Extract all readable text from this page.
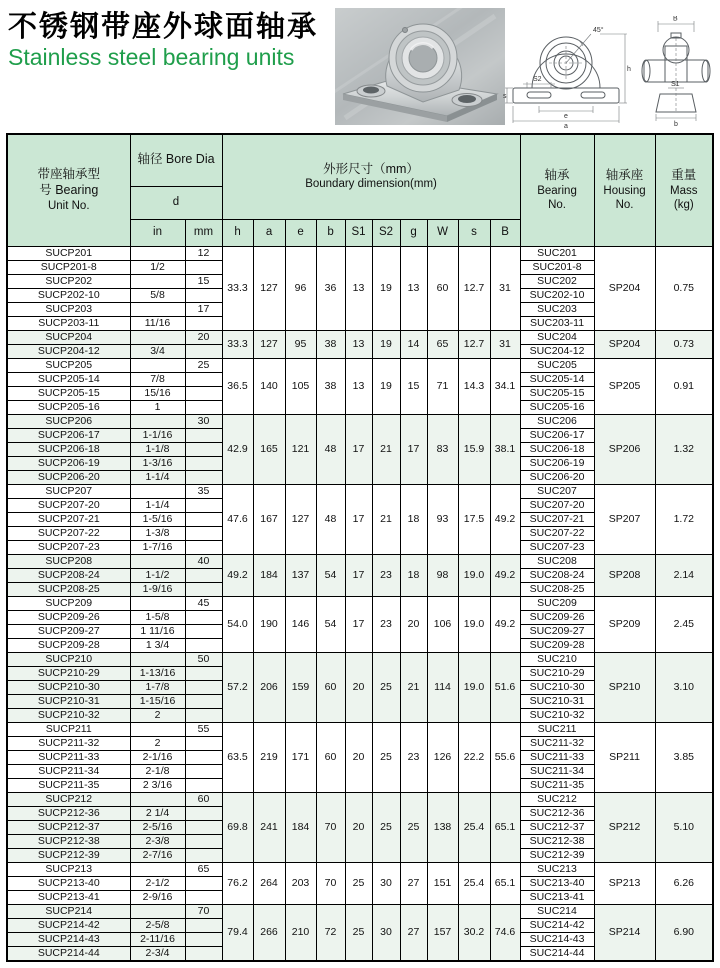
不锈钢带座外球面轴承
Stainless steel bearing units
45°
S2
s
e
a
h
B
S1
b
带座轴承型
号 Bearing
Unit No.

轴径 Bore Dia

外形尺寸（mm）
Boundary dimension(mm)

轴承
Bearing
No.

轴承座
Housing
No.

重量
Mass
(kg)

	d														

	in	mm	h	a	e	b	S1	S2	g	W	s	B			

SUCP201		12	33.3	127	96	36	13	19	13	60	12.7	31	SUC201	SP204	0.75
SUCP201-8	1/2												SUC201-8		
SUCP202		15											SUC202		
SUCP202-10	5/8												SUC202-10		
SUCP203		17											SUC203		
SUCP203-11	11/16												SUC203-11		
SUCP204		20	33.3	127	95	38	13	19	14	65	12.7	31	SUC204	SP204	0.73
SUCP204-12	3/4												SUC204-12		
SUCP205		25	36.5	140	105	38	13	19	15	71	14.3	34.1	SUC205	SP205	0.91
SUCP205-14	7/8												SUC205-14		
SUCP205-15	15/16												SUC205-15		
SUCP205-16	1												SUC205-16		
SUCP206		30	42.9	165	121	48	17	21	17	83	15.9	38.1	SUC206	SP206	1.32
SUCP206-17	1-1/16												SUC206-17		
SUCP206-18	1-1/8												SUC206-18		
SUCP206-19	1-3/16												SUC206-19		
SUCP206-20	1-1/4												SUC206-20		
SUCP207		35	47.6	167	127	48	17	21	18	93	17.5	49.2	SUC207	SP207	1.72
SUCP207-20	1-1/4												SUC207-20		
SUCP207-21	1-5/16												SUC207-21		
SUCP207-22	1-3/8												SUC207-22		
SUCP207-23	1-7/16												SUC207-23		
SUCP208		40	49.2	184	137	54	17	23	18	98	19.0	49.2	SUC208	SP208	2.14
SUCP208-24	1-1/2												SUC208-24		
SUCP208-25	1-9/16												SUC208-25		
SUCP209		45	54.0	190	146	54	17	23	20	106	19.0	49.2	SUC209	SP209	2.45
SUCP209-26	1-5/8												SUC209-26		
SUCP209-27	1 11/16												SUC209-27		
SUCP209-28	1 3/4												SUC209-28		
SUCP210		50	57.2	206	159	60	20	25	21	114	19.0	51.6	SUC210	SP210	3.10
SUCP210-29	1-13/16												SUC210-29		
SUCP210-30	1-7/8												SUC210-30		
SUCP210-31	1-15/16												SUC210-31		
SUCP210-32	2												SUC210-32		
SUCP211		55	63.5	219	171	60	20	25	23	126	22.2	55.6	SUC211	SP211	3.85
SUCP211-32	2												SUC211-32		
SUCP211-33	2-1/16												SUC211-33		
SUCP211-34	2-1/8												SUC211-34		
SUCP211-35	2 3/16												SUC211-35		
SUCP212		60	69.8	241	184	70	20	25	25	138	25.4	65.1	SUC212	SP212	5.10
SUCP212-36	2 1/4												SUC212-36		
SUCP212-37	2-5/16												SUC212-37		
SUCP212-38	2-3/8												SUC212-38		
SUCP212-39	2-7/16												SUC212-39		
SUCP213		65	76.2	264	203	70	25	30	27	151	25.4	65.1	SUC213	SP213	6.26
SUCP213-40	2-1/2												SUC213-40		
SUCP213-41	2-9/16												SUC213-41		
SUCP214		70	79.4	266	210	72	25	30	27	157	30.2	74.6	SUC214	SP214	6.90
SUCP214-42	2-5/8												SUC214-42		
SUCP214-43	2-11/16												SUC214-43		
SUCP214-44	2-3/4												SUC214-44		
